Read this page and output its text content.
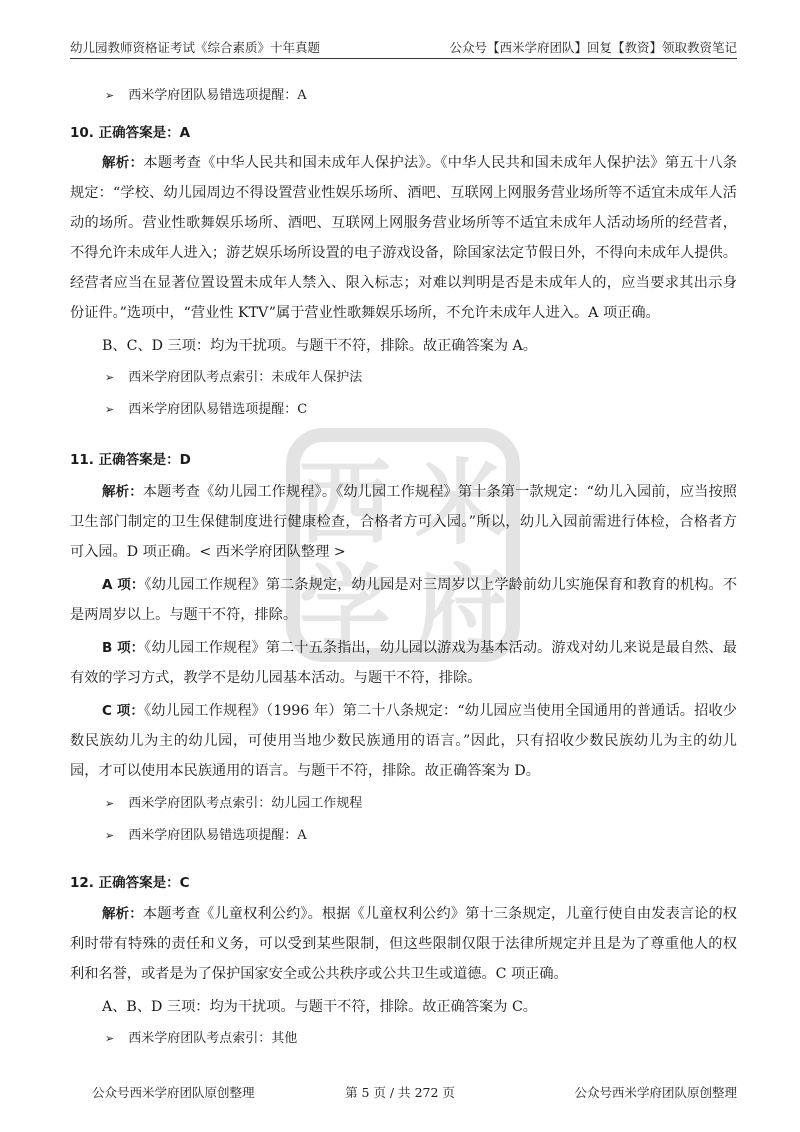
西 米
学 府
幼儿园教师资格证考试《综合素质》十年真题	公众号【西米学府团队】回复【教资】领取教资笔记
➢ 西米学府团队易错选项提醒：A
10. 正确答案是：A
解析：本题考查《中华人民共和国未成年人保护法》。《中华人民共和国未成年人保护法》第五十八条
规定：“学校、幼儿园周边不得设置营业性娱乐场所、酒吧、互联网上网服务营业场所等不适宜未成年人活
动的场所。营业性歌舞娱乐场所、酒吧、互联网上网服务营业场所等不适宜未成年人活动场所的经营者，
不得允许未成年人进入；游艺娱乐场所设置的电子游戏设备，除国家法定节假日外，不得向未成年人提供。
经营者应当在显著位置设置未成年人禁入、限入标志；对难以判明是否是未成年人的，应当要求其出示身
份证件。”选项中，“营业性 KTV”属于营业性歌舞娱乐场所，不允许未成年人进入。A 项正确。
B、C、D 三项：均为干扰项。与题干不符，排除。故正确答案为 A。
➢ 西米学府团队考点索引：未成年人保护法
➢ 西米学府团队易错选项提醒：C
11. 正确答案是：D
解析：本题考查《幼儿园工作规程》。《幼儿园工作规程》第十条第一款规定：“幼儿入园前，应当按照
卫生部门制定的卫生保健制度进行健康检查，合格者方可入园。”所以，幼儿入园前需进行体检，合格者方
可入园。D 项正确。< 西米学府团队整理 >
A 项：《幼儿园工作规程》第二条规定，幼儿园是对三周岁以上学龄前幼儿实施保育和教育的机构。不
是两周岁以上。与题干不符，排除。
B 项：《幼儿园工作规程》第二十五条指出，幼儿园以游戏为基本活动。游戏对幼儿来说是最自然、最
有效的学习方式，教学不是幼儿园基本活动。与题干不符，排除。
C 项：《幼儿园工作规程》（1996 年）第二十八条规定：“幼儿园应当使用全国通用的普通话。招收少
数民族幼儿为主的幼儿园，可使用当地少数民族通用的语言。”因此，只有招收少数民族幼儿为主的幼儿
园，才可以使用本民族通用的语言。与题干不符，排除。故正确答案为 D。
➢ 西米学府团队考点索引：幼儿园工作规程
➢ 西米学府团队易错选项提醒：A
12. 正确答案是：C
解析：本题考查《儿童权利公约》。根据《儿童权利公约》第十三条规定，儿童行使自由发表言论的权
利时带有特殊的责任和义务，可以受到某些限制，但这些限制仅限于法律所规定并且是为了尊重他人的权
利和名誉，或者是为了保护国家安全或公共秩序或公共卫生或道德。C 项正确。
A、B、D 三项：均为干扰项。与题干不符，排除。故正确答案为 C。
➢ 西米学府团队考点索引：其他
公众号西米学府团队原创整理	第 5 页 / 共 272 页	公众号西米学府团队原创整理
